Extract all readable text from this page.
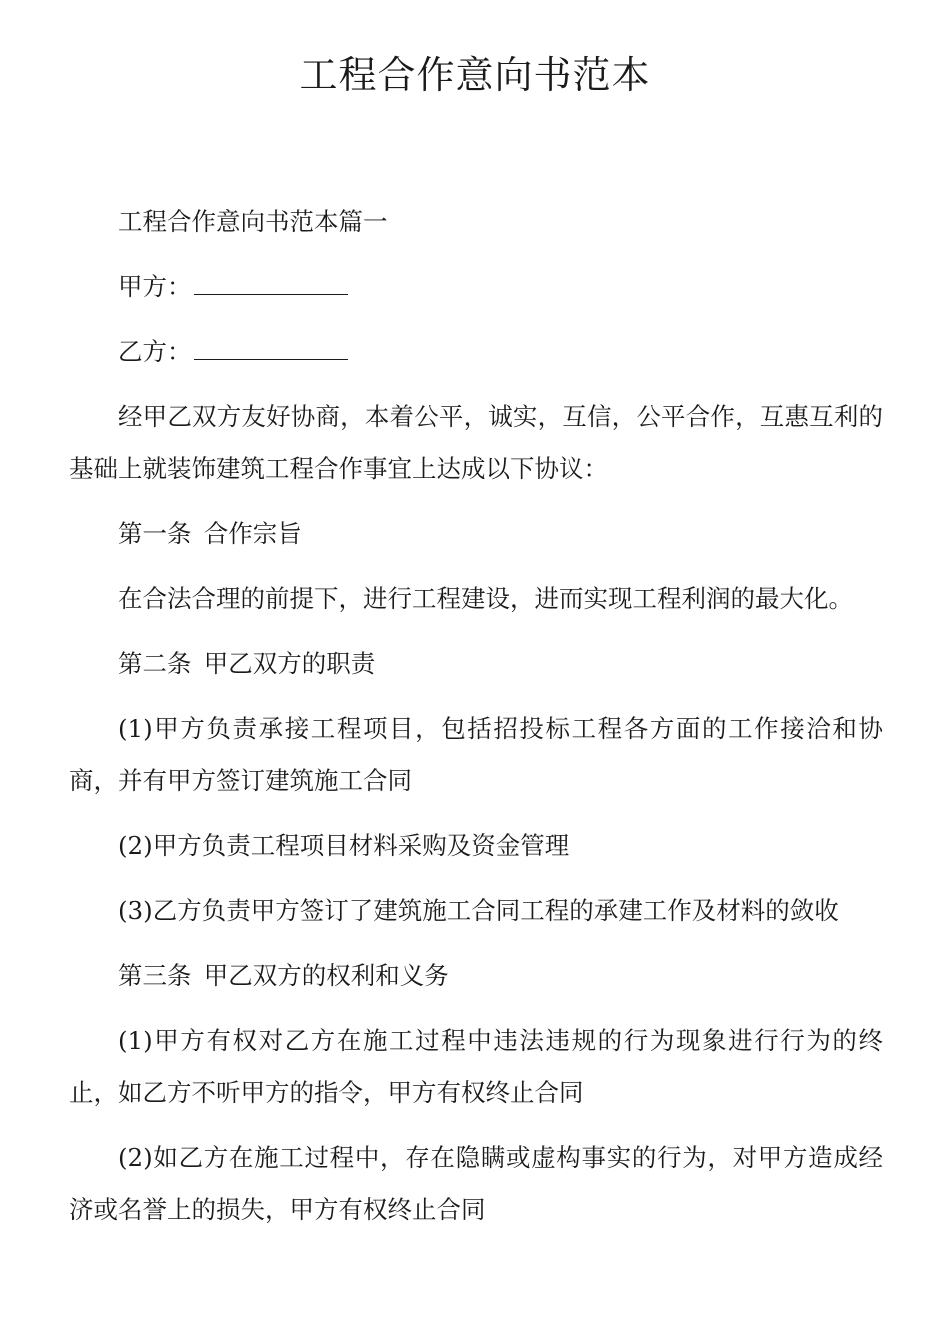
工程合作意向书范本

工程合作意向书范本篇一

甲方：

乙方：

经甲乙双方友好协商，本着公平，诚实，互信，公平合作，互惠互利的基础上就装饰建筑工程合作事宜上达成以下协议：

第一条 合作宗旨

在合法合理的前提下，进行工程建设，进而实现工程利润的最大化。

第二条 甲乙双方的职责

(1)甲方负责承接工程项目，包括招投标工程各方面的工作接洽和协商，并有甲方签订建筑施工合同

(2)甲方负责工程项目材料采购及资金管理

(3)乙方负责甲方签订了建筑施工合同工程的承建工作及材料的敛收

第三条 甲乙双方的权利和义务

(1)甲方有权对乙方在施工过程中违法违规的行为现象进行行为的终止，如乙方不听甲方的指令，甲方有权终止合同

(2)如乙方在施工过程中，存在隐瞒或虚构事实的行为，对甲方造成经济或名誉上的损失，甲方有权终止合同
